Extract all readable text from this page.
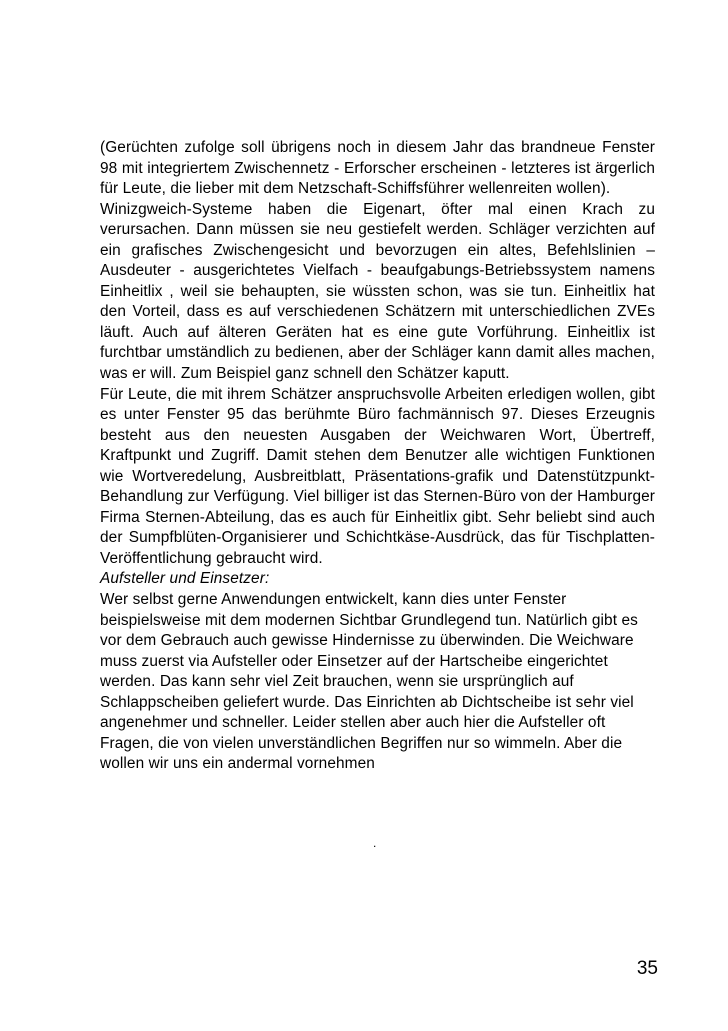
(Gerüchten zufolge soll übrigens noch in diesem Jahr das brandneue Fenster 98 mit integriertem Zwischennetz - Erforscher erscheinen - letzteres ist ärgerlich für Leute, die lieber mit dem Netzschaft-Schiffsführer wellenreiten wollen).

Winizgweich-Systeme haben die Eigenart, öfter mal einen Krach zu verursachen. Dann müssen sie neu gestiefelt werden. Schläger verzichten auf ein grafisches Zwischengesicht und bevorzugen ein altes, Befehlslinien – Ausdeuter - ausgerichtetes Vielfach - beaufgabungs-Betriebssystem namens Einheitlix , weil sie behaupten, sie wüssten schon, was sie tun. Einheitlix hat den Vorteil, dass es auf verschiedenen Schätzern mit unterschiedlichen ZVEs läuft. Auch auf älteren Geräten hat es eine gute Vorführung. Einheitlix ist furchtbar umständlich zu bedienen, aber der Schläger kann damit alles machen, was er will. Zum Beispiel ganz schnell den Schätzer kaputt.

Für Leute, die mit ihrem Schätzer anspruchsvolle Arbeiten erledigen wollen, gibt es unter Fenster 95 das berühmte Büro fachmännisch 97. Dieses Erzeugnis besteht aus den neuesten Ausgaben der Weichwaren Wort, Übertreff, Kraftpunkt und Zugriff. Damit stehen dem Benutzer alle wichtigen Funktionen wie Wortveredelung, Ausbreitblatt, Präsentations-grafik und Datenstützpunkt-Behandlung zur Verfügung. Viel billiger ist das Sternen-Büro von der Hamburger Firma Sternen-Abteilung, das es auch für Einheitlix gibt. Sehr beliebt sind auch der Sumpfblüten-Organisierer und Schichtkäse-Ausdrück, das für Tischplatten-Veröffentlichung gebraucht wird.

Aufsteller und Einsetzer:

Wer selbst gerne Anwendungen entwickelt, kann dies unter Fenster beispielsweise mit dem modernen Sichtbar Grundlegend tun. Natürlich gibt es vor dem Gebrauch auch gewisse Hindernisse zu überwinden. Die Weichware muss zuerst via Aufsteller oder Einsetzer auf der Hartscheibe eingerichtet werden. Das kann sehr viel Zeit brauchen, wenn sie ursprünglich auf Schlappscheiben geliefert wurde. Das Einrichten ab Dichtscheibe ist sehr viel angenehmer und schneller. Leider stellen aber auch hier die Aufsteller oft Fragen, die von vielen unverständlichen Begriffen nur so wimmeln. Aber die wollen wir uns ein andermal vornehmen

.
35
